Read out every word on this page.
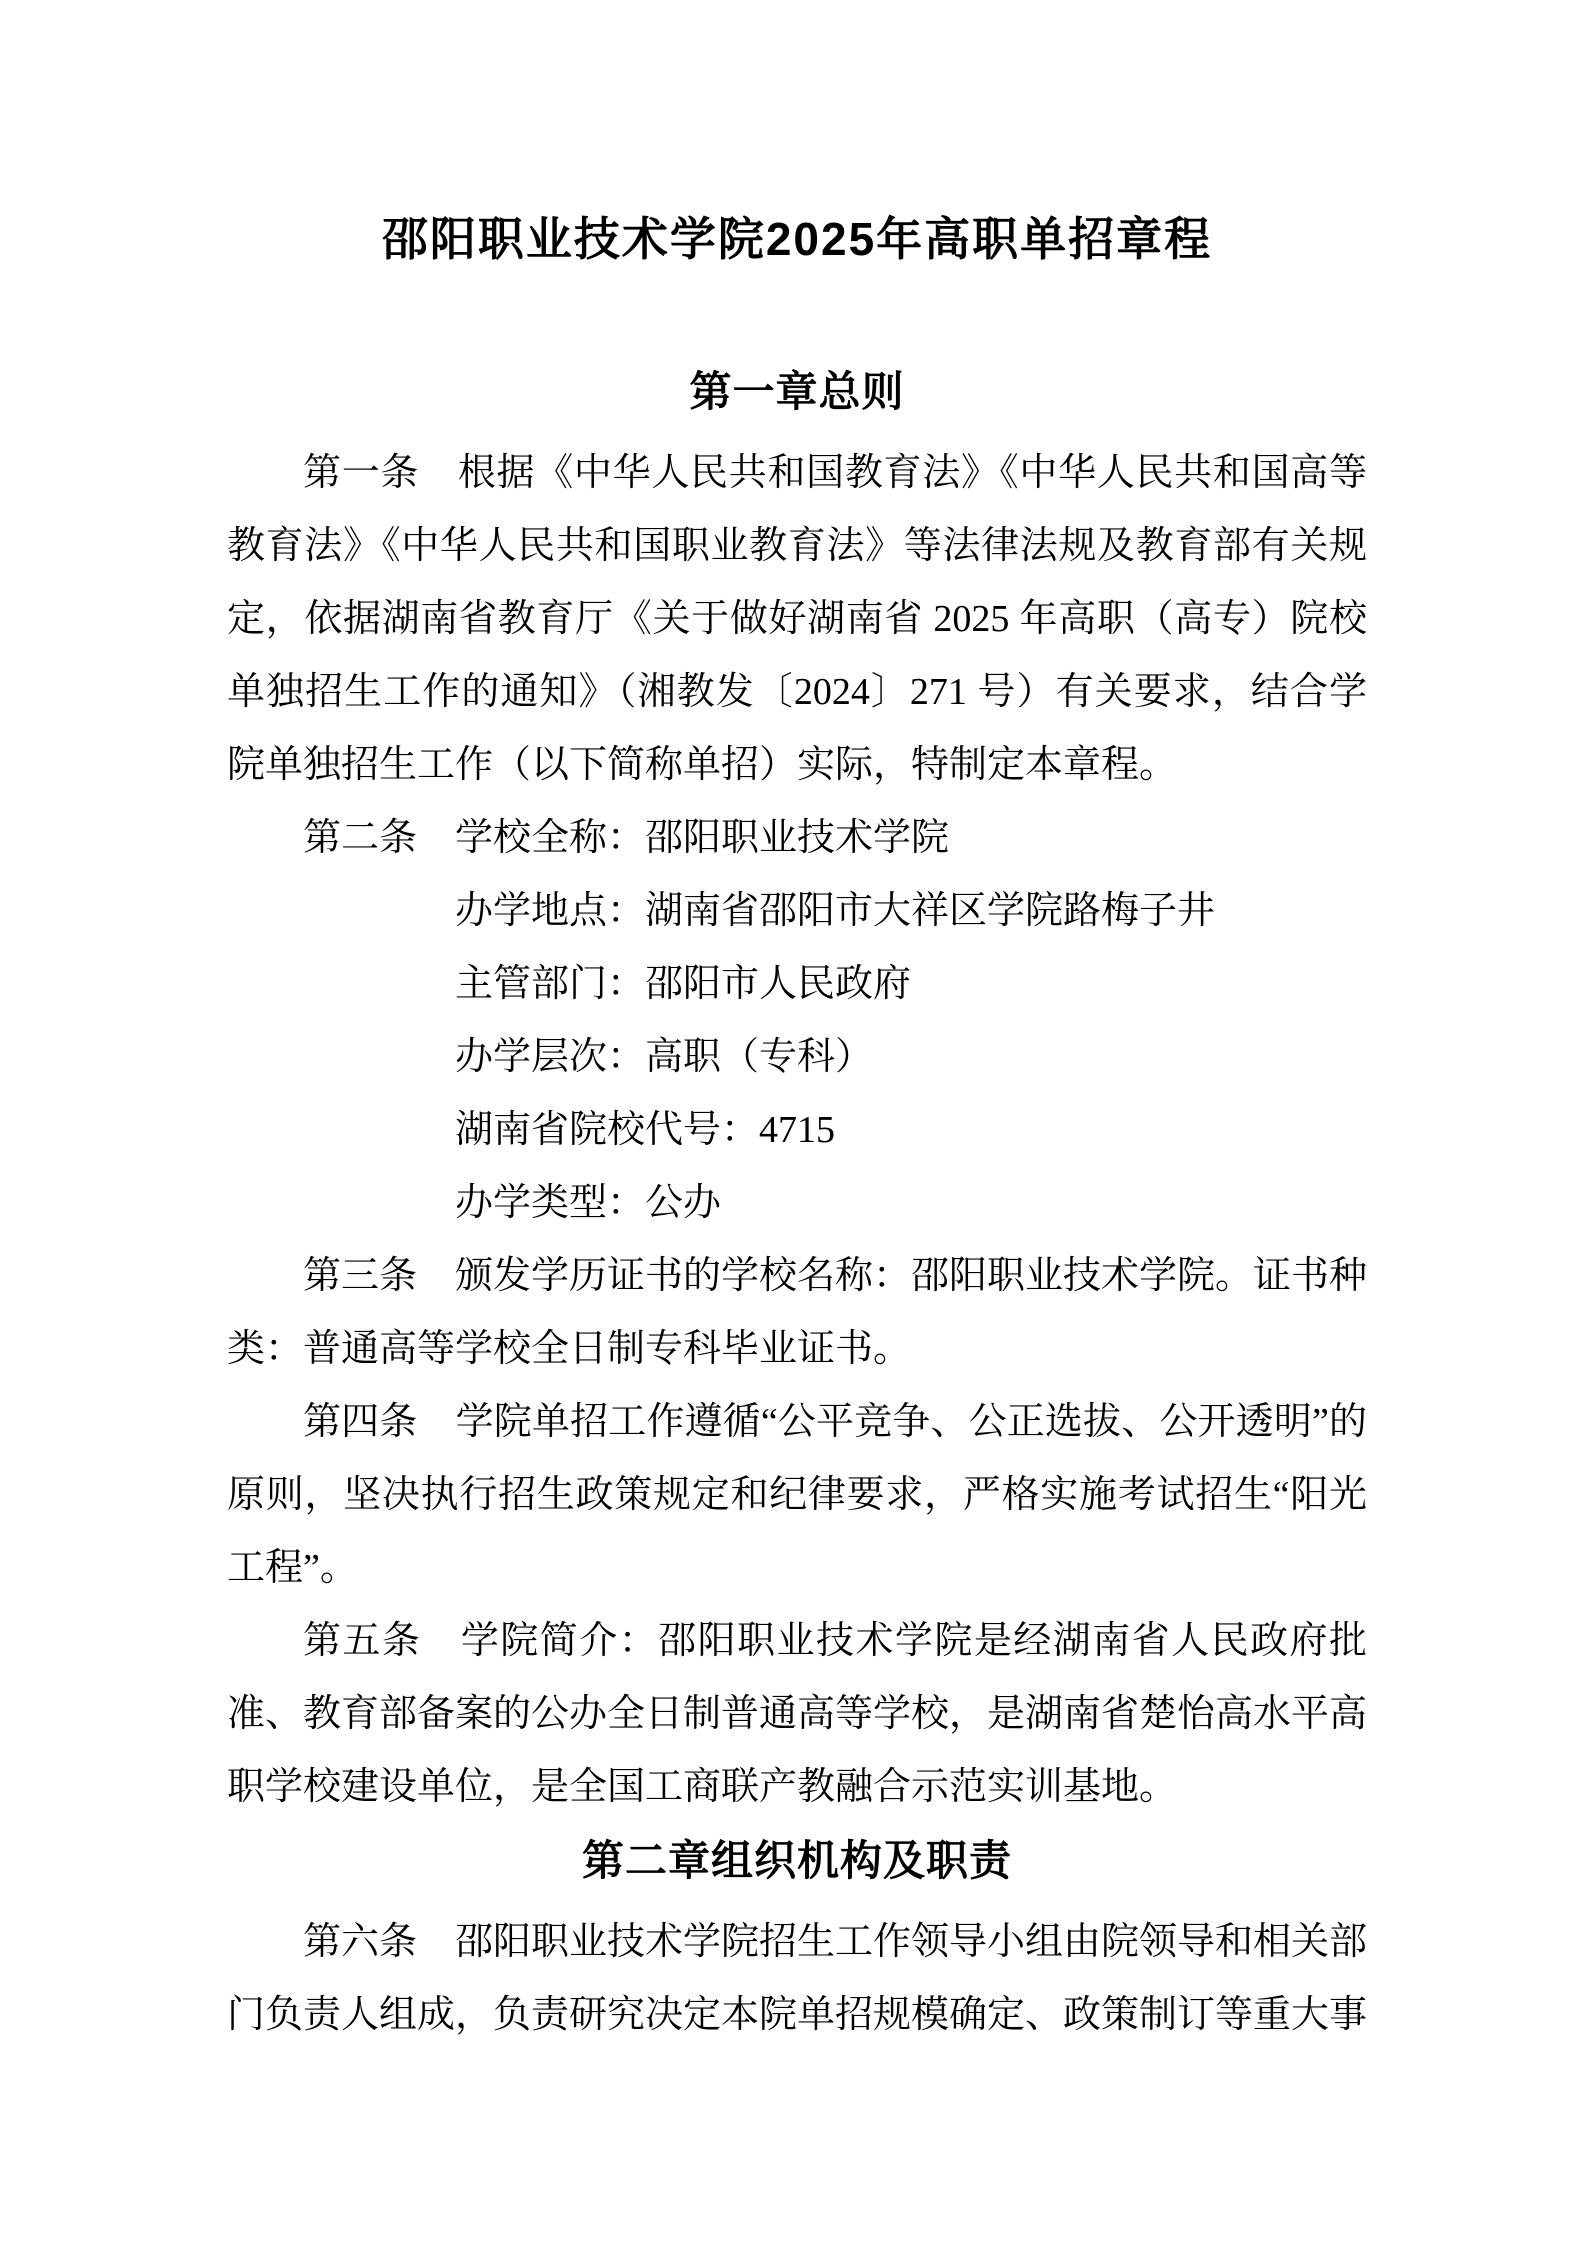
邵阳职业技术学院2025年高职单招章程
第一章总则

第一条　根据《中华人民共和国教育法》《中华人民共和国高等教育法》《中华人民共和国职业教育法》等法律法规及教育部有关规定，依据湖南省教育厅《关于做好湖南省 2025 年高职（高专）院校单独招生工作的通知》（湘教发〔2024〕271 号）有关要求，结合学院单独招生工作（以下简称单招）实际，特制定本章程。

第二条　学校全称：邵阳职业技术学院

办学地点：湖南省邵阳市大祥区学院路梅子井

主管部门：邵阳市人民政府

办学层次：高职（专科）

湖南省院校代号：4715

办学类型：公办

第三条　颁发学历证书的学校名称：邵阳职业技术学院。证书种类：普通高等学校全日制专科毕业证书。

第四条　学院单招工作遵循“公平竞争、公正选拔、公开透明”的原则，坚决执行招生政策规定和纪律要求，严格实施考试招生“阳光工程”。

第五条　学院简介：邵阳职业技术学院是经湖南省人民政府批准、教育部备案的公办全日制普通高等学校，是湖南省楚怡高水平高职学校建设单位，是全国工商联产教融合示范实训基地。

第二章组织机构及职责

第六条　邵阳职业技术学院招生工作领导小组由院领导和相关部门负责人组成，负责研究决定本院单招规模确定、政策制订等重大事
